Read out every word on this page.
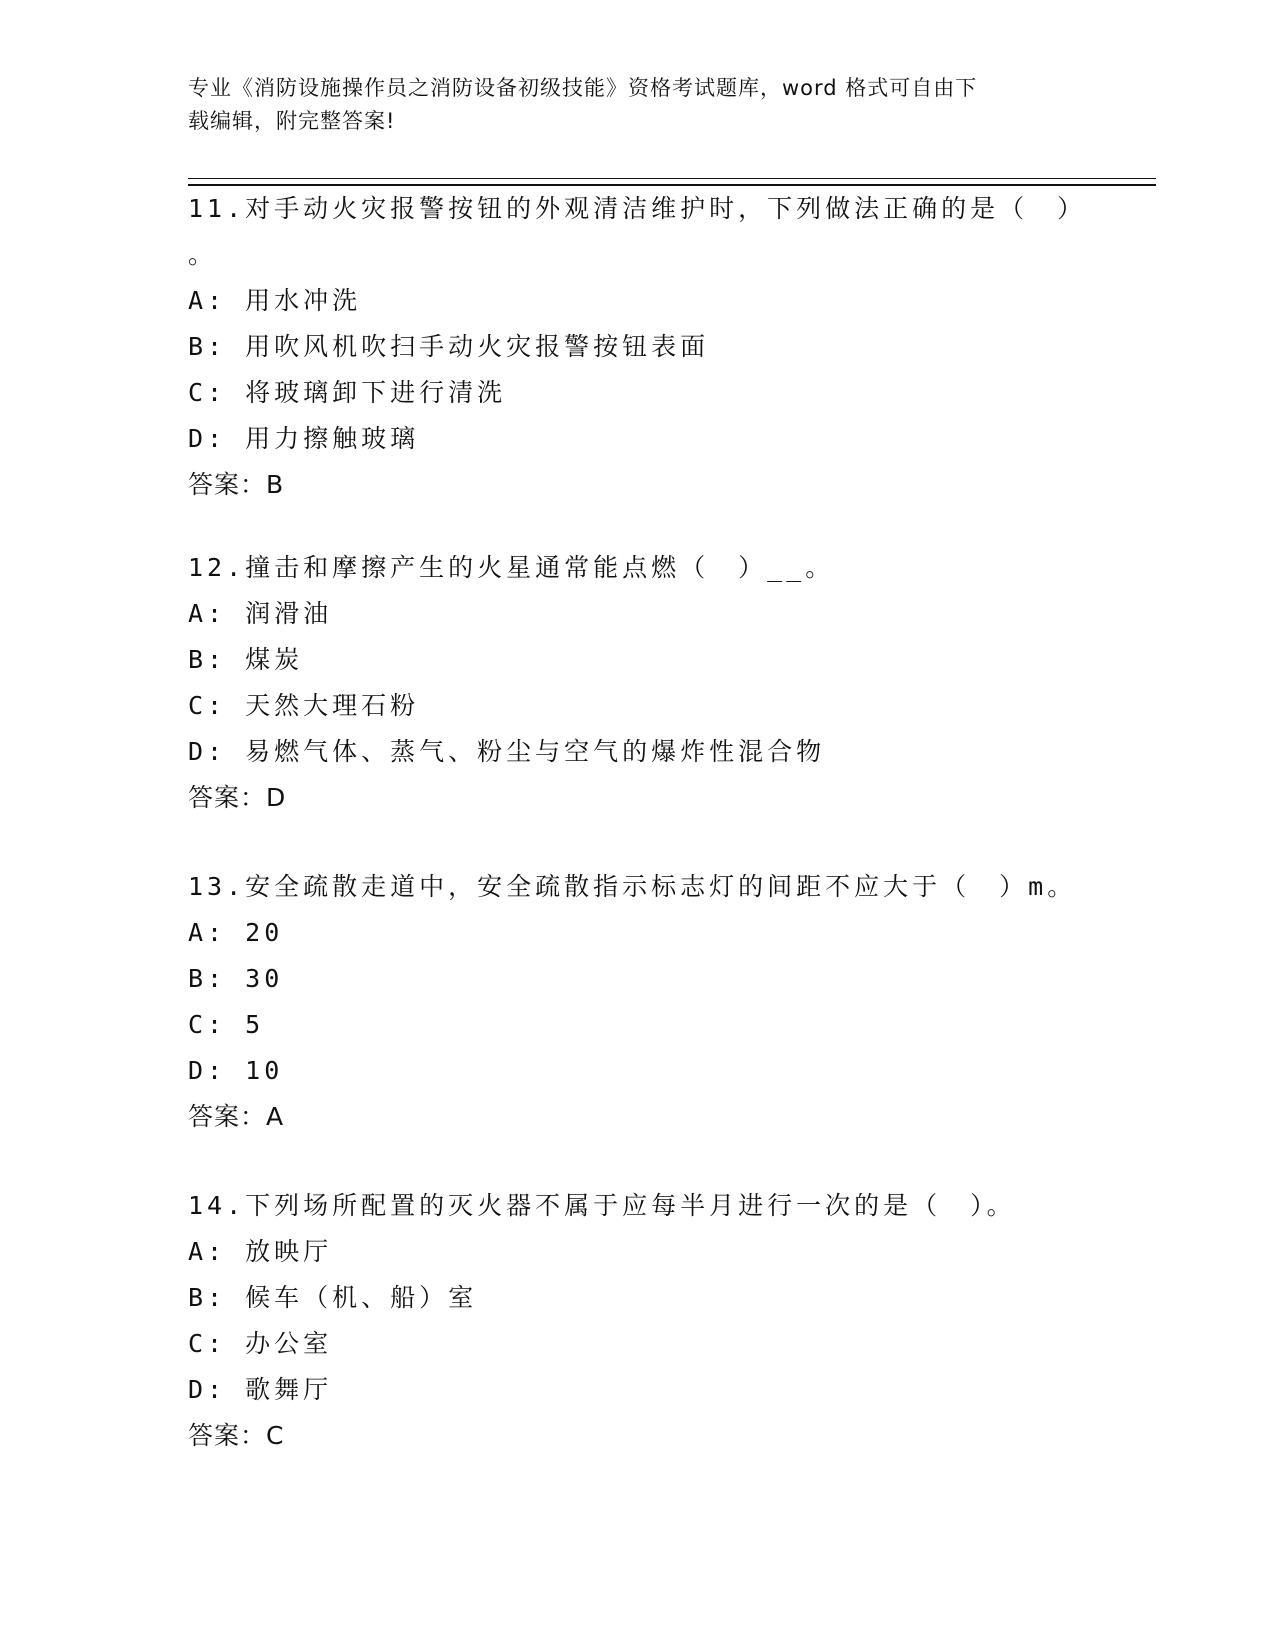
专业《消防设施操作员之消防设备初级技能》资格考试题库，word 格式可自由下
载编辑，附完整答案!
11.对手动火灾报警按钮的外观清洁维护时，下列做法正确的是（　）
。
A: 用水冲洗
B: 用吹风机吹扫手动火灾报警按钮表面
C: 将玻璃卸下进行清洗
D: 用力擦触玻璃
答案：B
12.撞击和摩擦产生的火星通常能点燃（　）__。
A: 润滑油
B: 煤炭
C: 天然大理石粉
D: 易燃气体、蒸气、粉尘与空气的爆炸性混合物
答案：D
13.安全疏散走道中，安全疏散指示标志灯的间距不应大于（　）m。
A: 20
B: 30
C: 5
D: 10
答案：A
14.下列场所配置的灭火器不属于应每半月进行一次的是（　）。
A: 放映厅
B: 候车（机、船）室
C: 办公室
D: 歌舞厅
答案：C
